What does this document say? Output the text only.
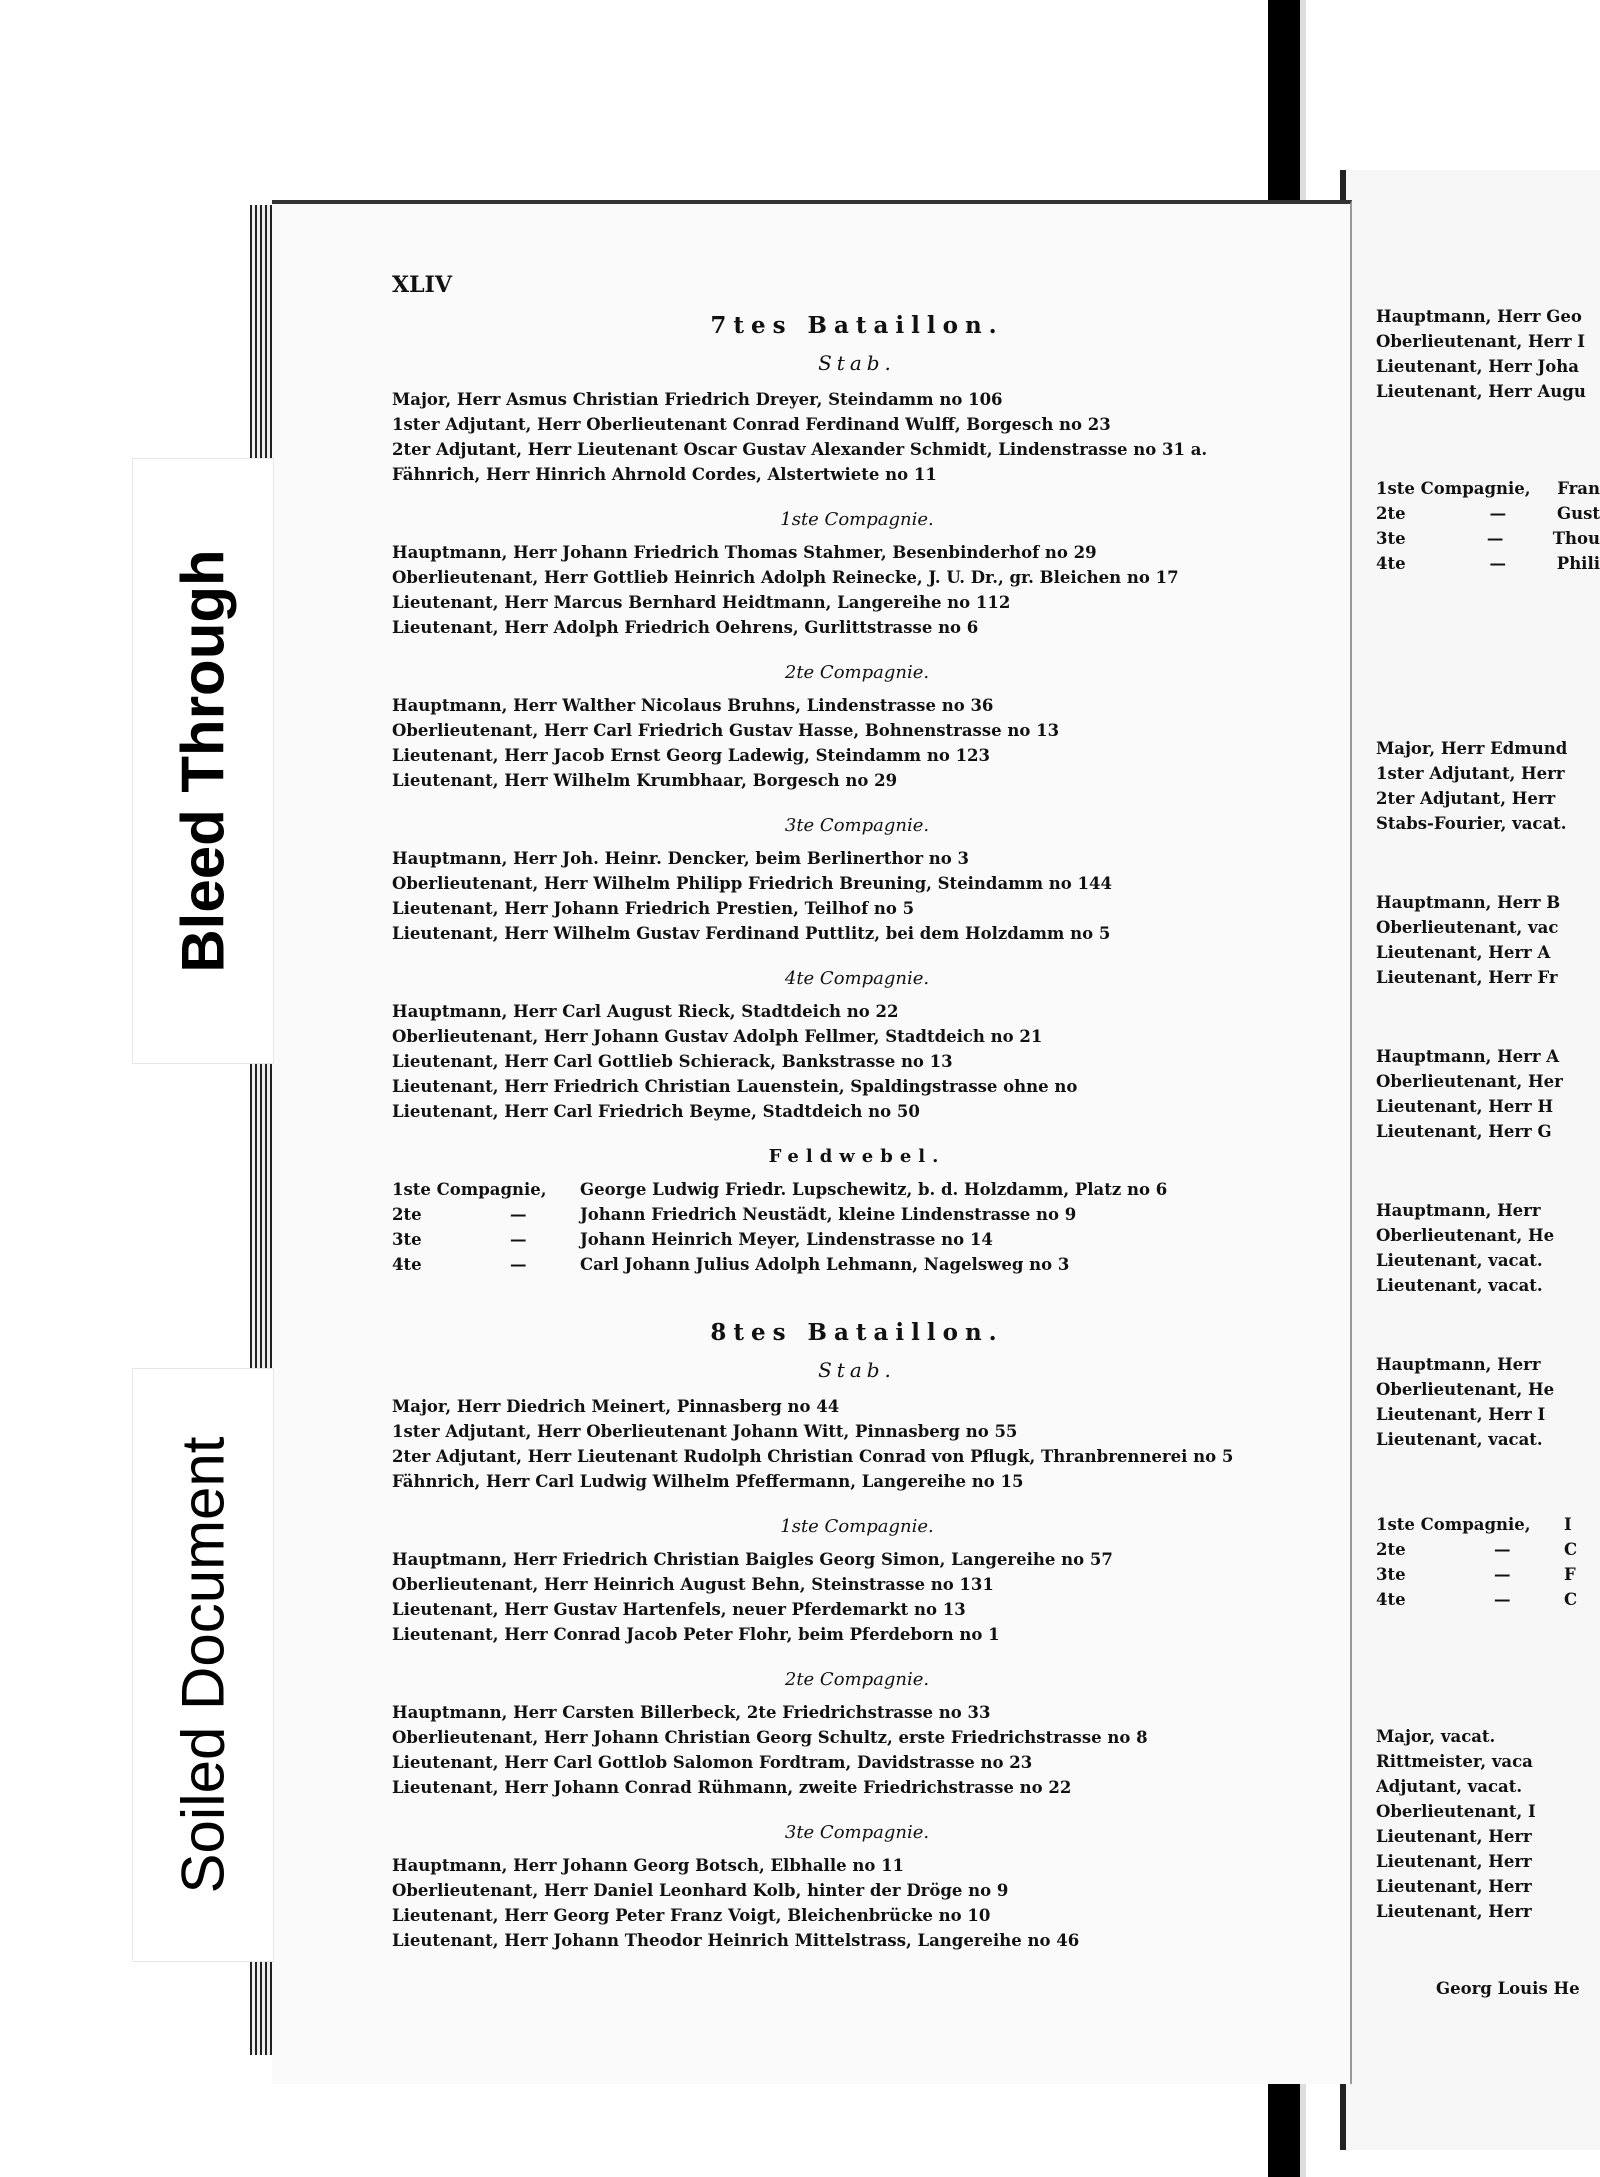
Bleed Through
Soiled Document
XLIV
7tes Bataillon.
Stab.
Major, Herr Asmus Christian Friedrich Dreyer, Steindamm no 106
1ster Adjutant, Herr Oberlieutenant Conrad Ferdinand Wulff, Borgesch no 23
2ter Adjutant, Herr Lieutenant Oscar Gustav Alexander Schmidt, Lindenstrasse no 31 a.
Fähnrich, Herr Hinrich Ahrnold Cordes, Alstertwiete no 11
1ste Compagnie.
Hauptmann, Herr Johann Friedrich Thomas Stahmer, Besenbinderhof no 29
Oberlieutenant, Herr Gottlieb Heinrich Adolph Reinecke, J. U. Dr., gr. Bleichen no 17
Lieutenant, Herr Marcus Bernhard Heidtmann, Langereihe no 112
Lieutenant, Herr Adolph Friedrich Oehrens, Gurlittstrasse no 6
2te Compagnie.
Hauptmann, Herr Walther Nicolaus Bruhns, Lindenstrasse no 36
Oberlieutenant, Herr Carl Friedrich Gustav Hasse, Bohnenstrasse no 13
Lieutenant, Herr Jacob Ernst Georg Ladewig, Steindamm no 123
Lieutenant, Herr Wilhelm Krumbhaar, Borgesch no 29
3te Compagnie.
Hauptmann, Herr Joh. Heinr. Dencker, beim Berlinerthor no 3
Oberlieutenant, Herr Wilhelm Philipp Friedrich Breuning, Steindamm no 144
Lieutenant, Herr Johann Friedrich Prestien, Teilhof no 5
Lieutenant, Herr Wilhelm Gustav Ferdinand Puttlitz, bei dem Holzdamm no 5
4te Compagnie.
Hauptmann, Herr Carl August Rieck, Stadtdeich no 22
Oberlieutenant, Herr Johann Gustav Adolph Fellmer, Stadtdeich no 21
Lieutenant, Herr Carl Gottlieb Schierack, Bankstrasse no 13
Lieutenant, Herr Friedrich Christian Lauenstein, Spaldingstrasse ohne no
Lieutenant, Herr Carl Friedrich Beyme, Stadtdeich no 50
Feldwebel.
1ste Compagnie, George Ludwig Friedr. Lupschewitz, b. d. Holzdamm, Platz no 6
2te	—	Johann Friedrich Neustädt, kleine Lindenstrasse no 9
3te	—	Johann Heinrich Meyer, Lindenstrasse no 14
4te	—	Carl Johann Julius Adolph Lehmann, Nagelsweg no 3
8tes Bataillon.
Stab.
Major, Herr Diedrich Meinert, Pinnasberg no 44
1ster Adjutant, Herr Oberlieutenant Johann Witt, Pinnasberg no 55
2ter Adjutant, Herr Lieutenant Rudolph Christian Conrad von Pflugk, Thranbrennerei no 5
Fähnrich, Herr Carl Ludwig Wilhelm Pfeffermann, Langereihe no 15
1ste Compagnie.
Hauptmann, Herr Friedrich Christian Baigles Georg Simon, Langereihe no 57
Oberlieutenant, Herr Heinrich August Behn, Steinstrasse no 131
Lieutenant, Herr Gustav Hartenfels, neuer Pferdemarkt no 13
Lieutenant, Herr Conrad Jacob Peter Flohr, beim Pferdeborn no 1
2te Compagnie.
Hauptmann, Herr Carsten Billerbeck, 2te Friedrichstrasse no 33
Oberlieutenant, Herr Johann Christian Georg Schultz, erste Friedrichstrasse no 8
Lieutenant, Herr Carl Gottlob Salomon Fordtram, Davidstrasse no 23
Lieutenant, Herr Johann Conrad Rühmann, zweite Friedrichstrasse no 22
3te Compagnie.
Hauptmann, Herr Johann Georg Botsch, Elbhalle no 11
Oberlieutenant, Herr Daniel Leonhard Kolb, hinter der Dröge no 9
Lieutenant, Herr Georg Peter Franz Voigt, Bleichenbrücke no 10
Lieutenant, Herr Johann Theodor Heinrich Mittelstrass, Langereihe no 46
Hauptmann, Herr Geo
Oberlieutenant, Herr I
Lieutenant, Herr Joha
Lieutenant, Herr Augu
1ste Compagnie, Fran
2te	—	Gust
3te	—	Thou
4te	—	Phili
Major, Herr Edmund
1ster Adjutant, Herr
2ter Adjutant, Herr
Stabs-Fourier, vacat.
Hauptmann, Herr B
Oberlieutenant, vac
Lieutenant, Herr A
Lieutenant, Herr Fr
Hauptmann, Herr A
Oberlieutenant, Her
Lieutenant, Herr H
Lieutenant, Herr G
Hauptmann, Herr
Oberlieutenant, He
Lieutenant, vacat.
Lieutenant, vacat.
Hauptmann, Herr
Oberlieutenant, He
Lieutenant, Herr I
Lieutenant, vacat.
1ste Compagnie, I
2te	—	C
3te	—	F
4te	—	C
Major, vacat.
Rittmeister, vaca
Adjutant, vacat.
Oberlieutenant, I
Lieutenant, Herr
Lieutenant, Herr
Lieutenant, Herr
Lieutenant, Herr
Georg Louis He
